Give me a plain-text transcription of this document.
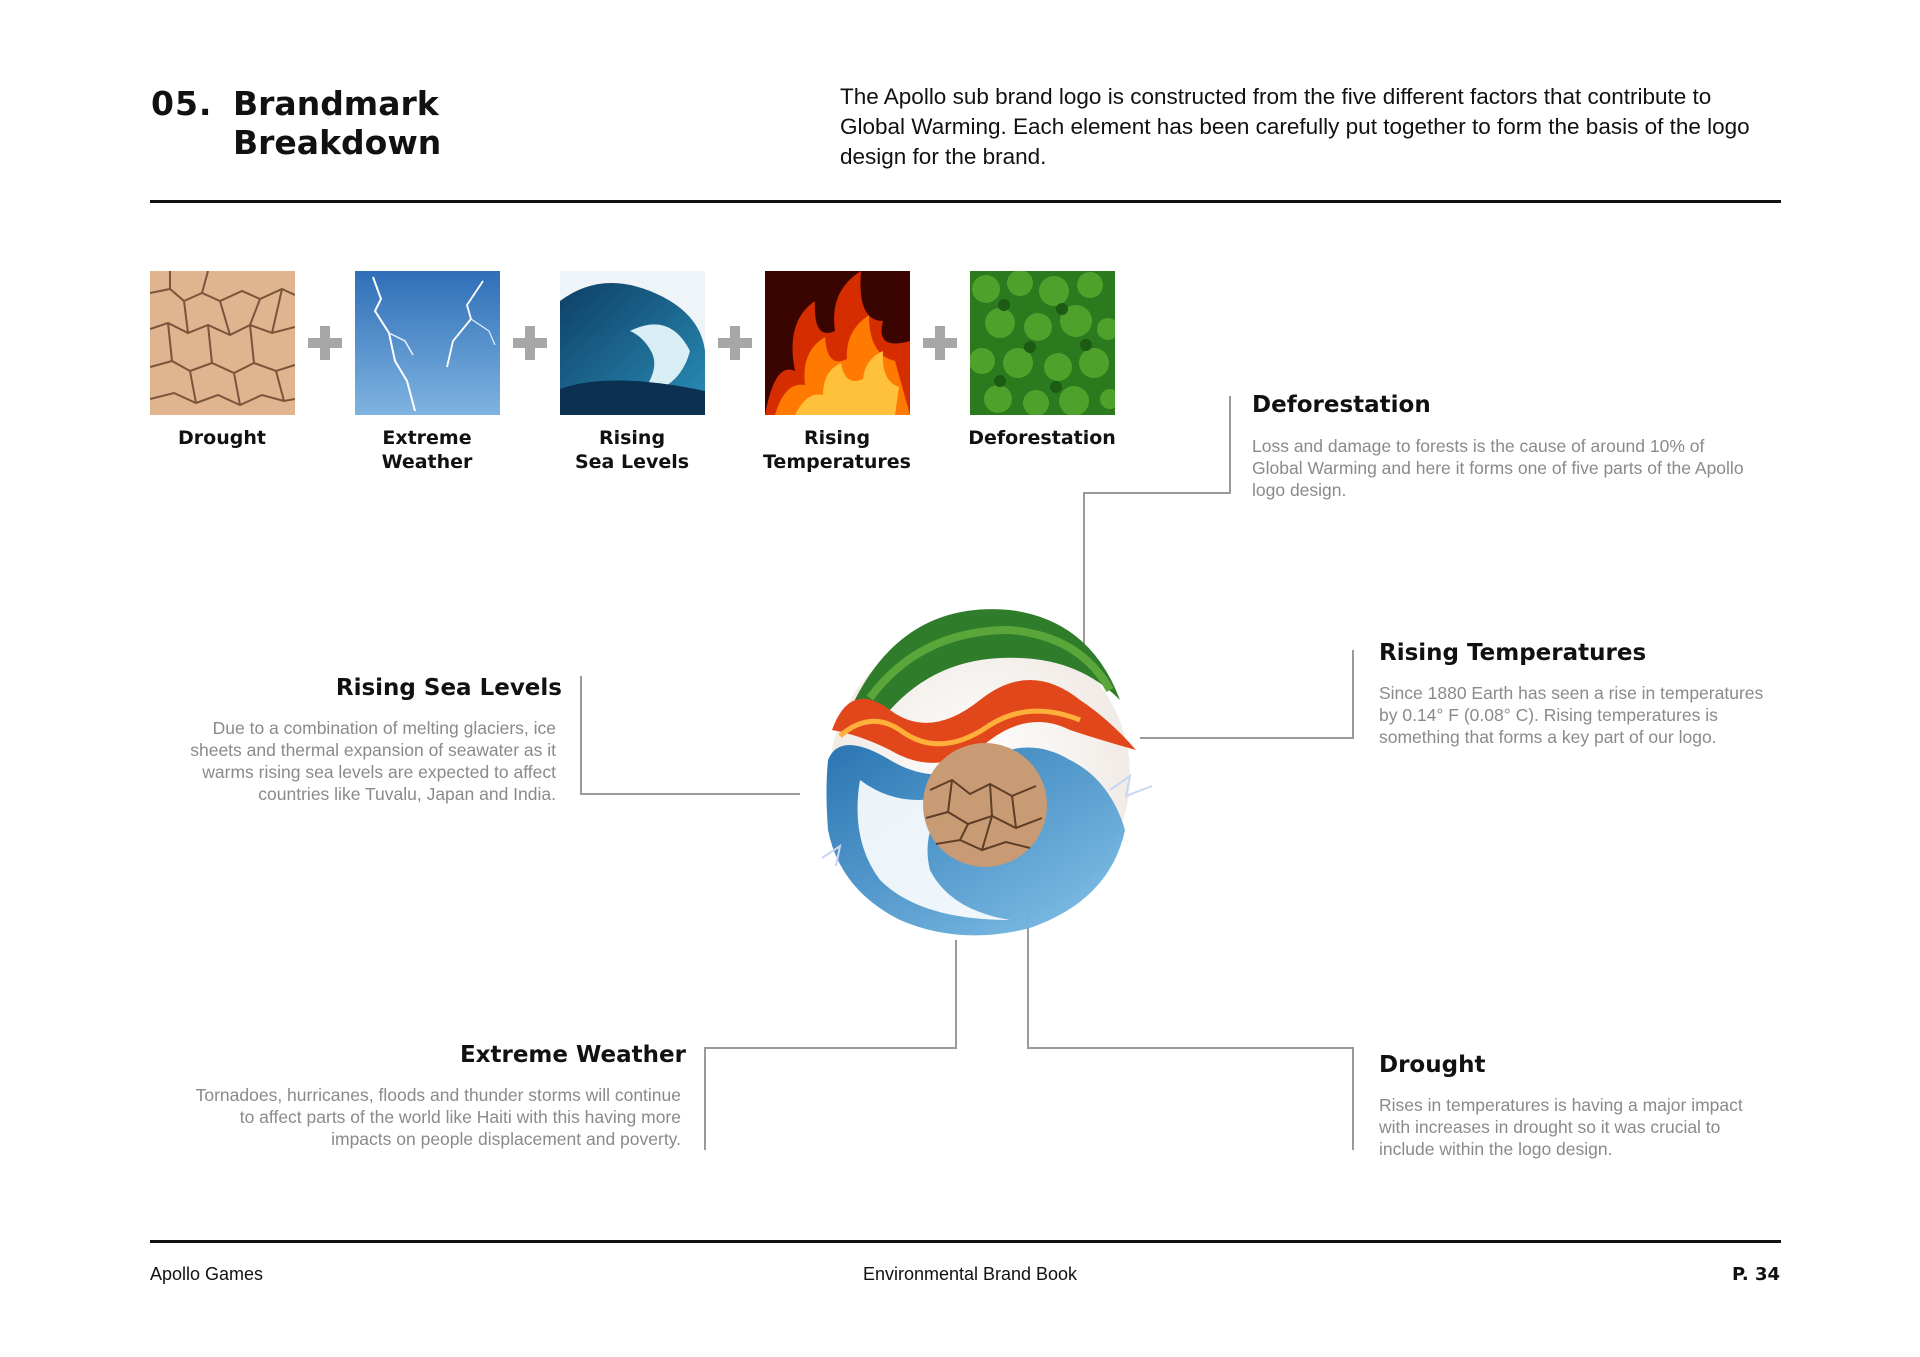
05. Brandmark
Breakdown
The Apollo sub brand logo is constructed from the five different factors that contribute to
Global Warming. Each element has been carefully put together to form the basis of the logo
design for the brand.
Drought	Extreme
Weather
Rising
Sea Levels
Rising
Temperatures
Deforestation
Deforestation
Loss and damage to forests is the cause of around 10% of
Global Warming and here it forms one of five parts of the Apollo
logo design.
Rising Temperatures
Since 1880 Earth has seen a rise in temperatures
by 0.14° F (0.08° C). Rising temperatures is
something that forms a key part of our logo.
Rising Sea Levels
Due to a combination of melting glaciers, ice
sheets and thermal expansion of seawater as it
warms rising sea levels are expected to affect
countries like Tuvalu, Japan and India.
Extreme Weather
Tornadoes, hurricanes, floods and thunder storms will continue
to affect parts of the world like Haiti with this having more
impacts on people displacement and poverty.
Drought
Rises in temperatures is having a major impact
with increases in drought so it was crucial to
include within the logo design.
Apollo Games	Environmental Brand Book	P. 34
